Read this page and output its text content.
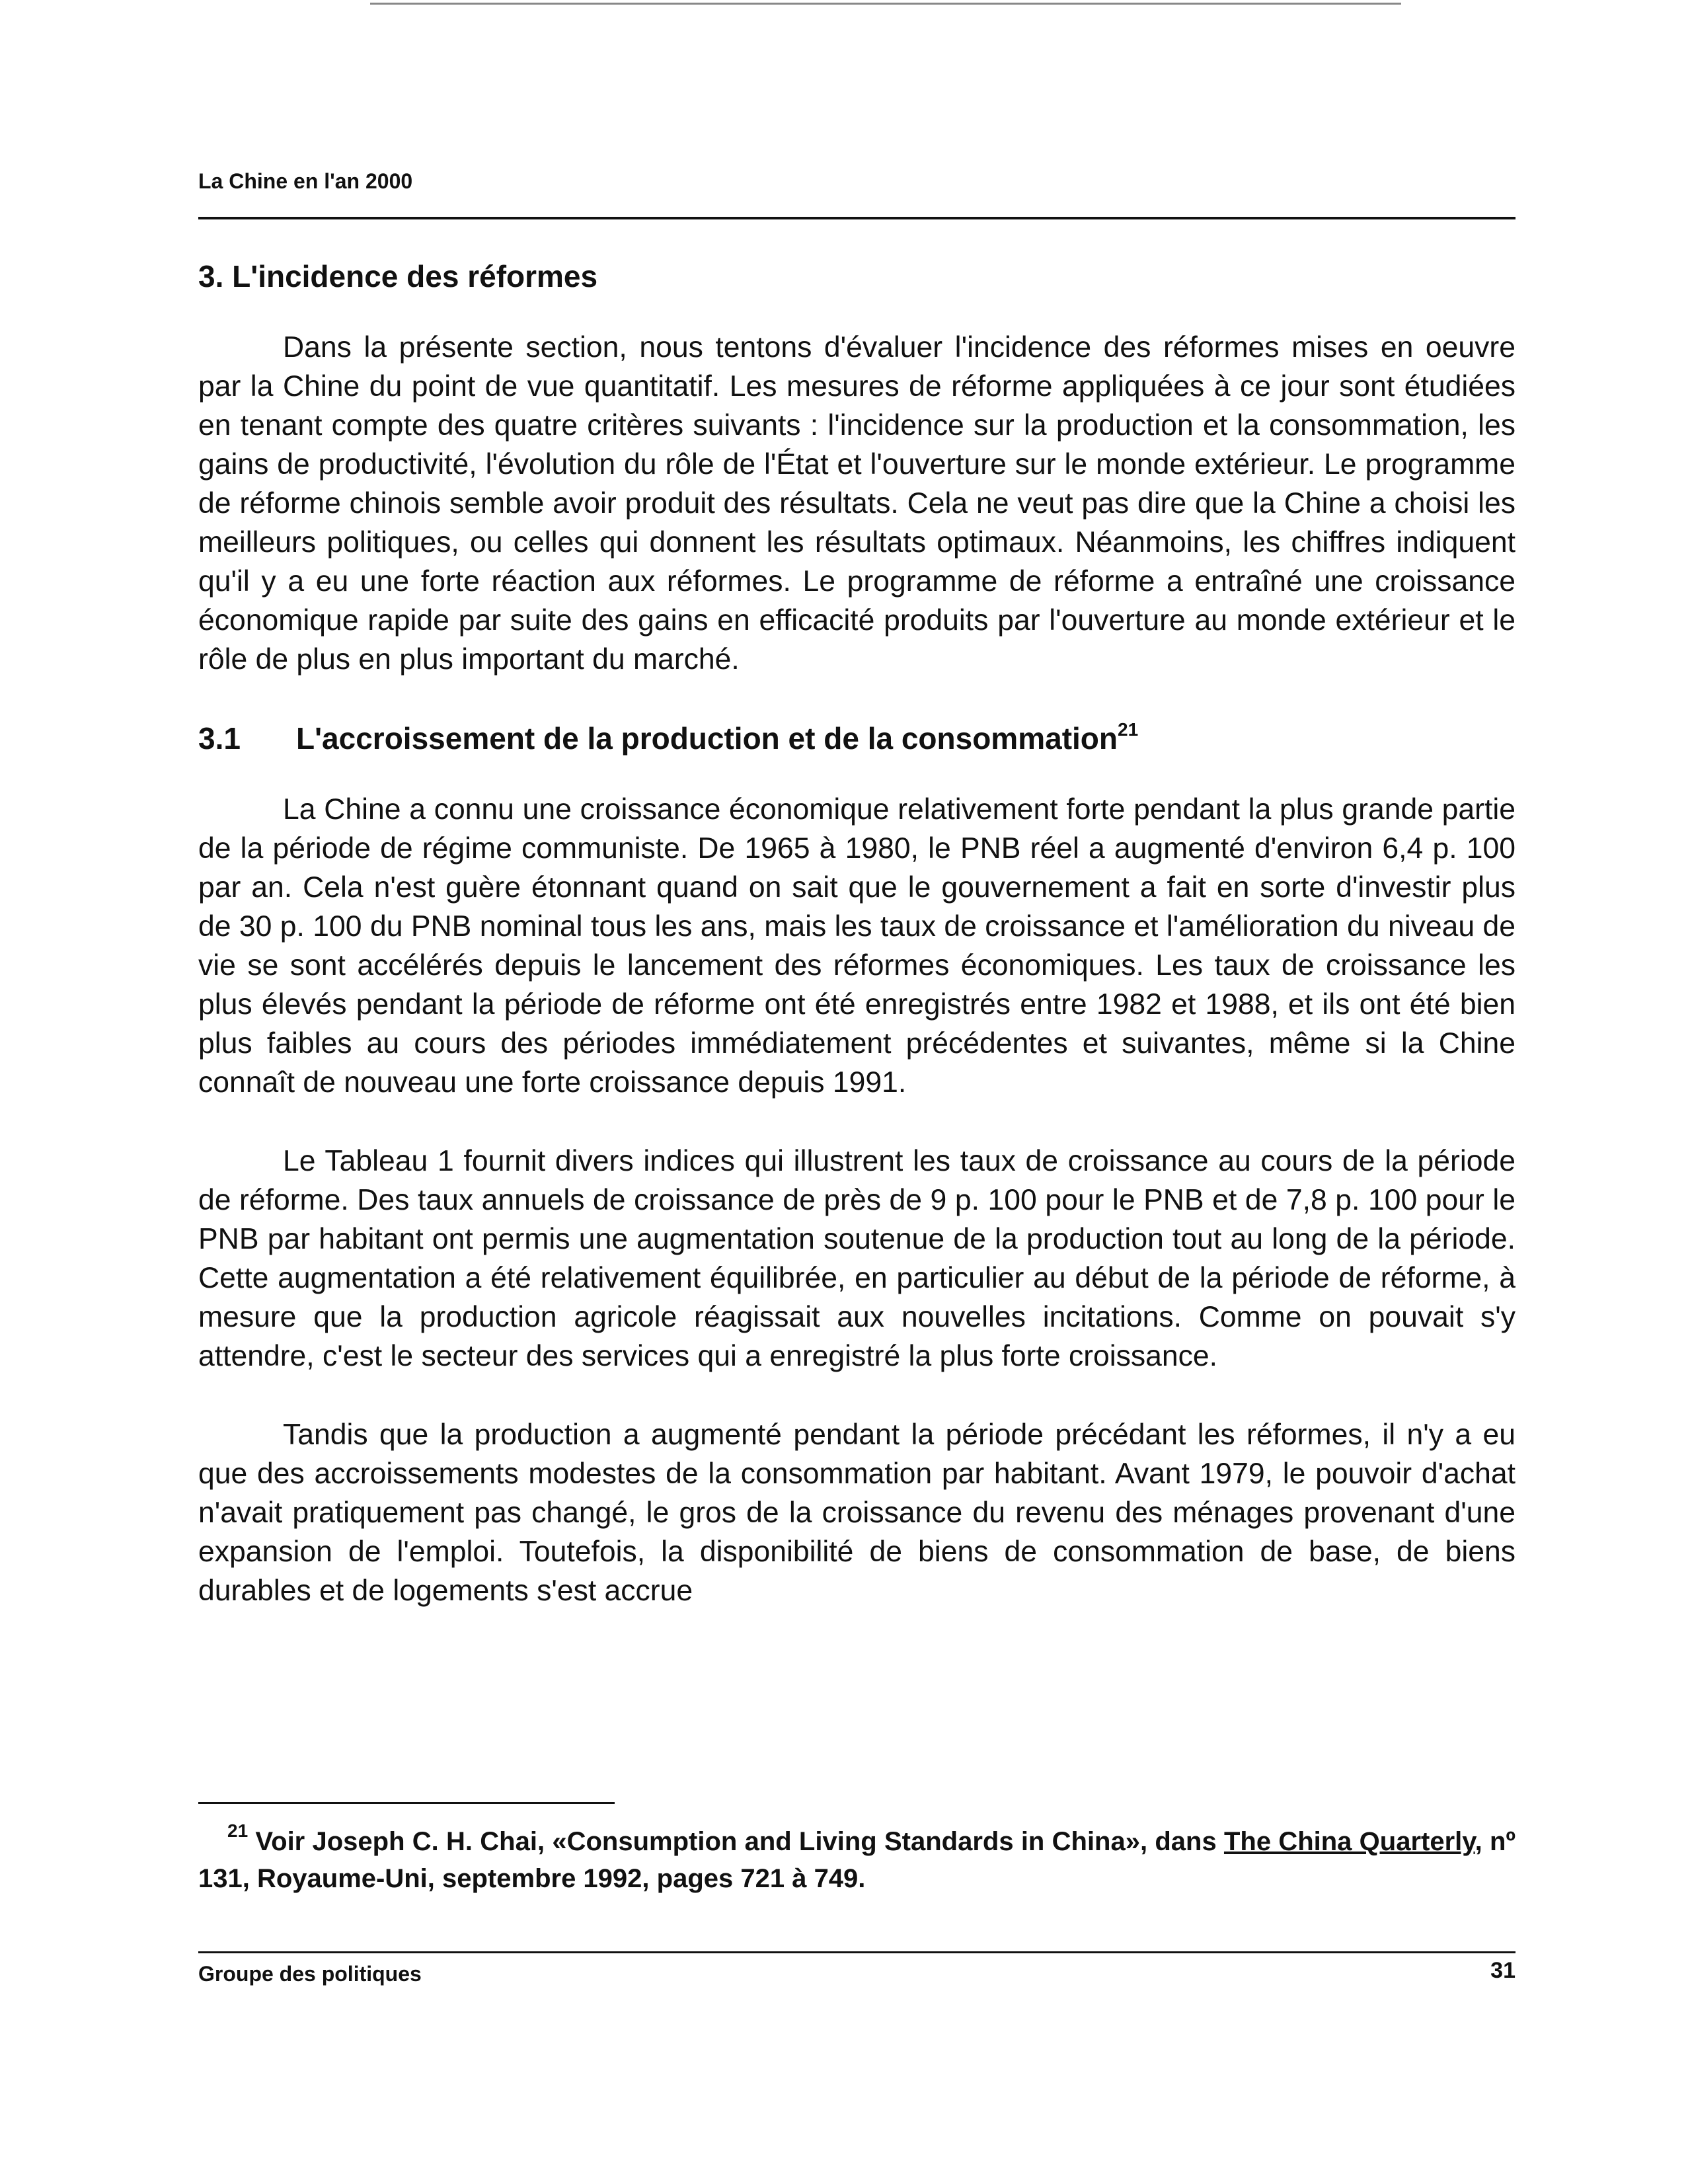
La Chine en l'an 2000
3. L'incidence des réformes

Dans la présente section, nous tentons d'évaluer l'incidence des réformes mises en oeuvre par la Chine du point de vue quantitatif. Les mesures de réforme appliquées à ce jour sont étudiées en tenant compte des quatre critères suivants : l'incidence sur la production et la consommation, les gains de productivité, l'évolution du rôle de l'État et l'ouverture sur le monde extérieur. Le programme de réforme chinois semble avoir produit des résultats. Cela ne veut pas dire que la Chine a choisi les meilleurs politiques, ou celles qui donnent les résultats optimaux. Néanmoins, les chiffres indiquent qu'il y a eu une forte réaction aux réformes. Le programme de réforme a entraîné une croissance économique rapide par suite des gains en efficacité produits par l'ouverture au monde extérieur et le rôle de plus en plus important du marché.

3.1	L'accroissement de la production et de la consommation$^{21}$

La Chine a connu une croissance économique relativement forte pendant la plus grande partie de la période de régime communiste. De 1965 à 1980, le PNB réel a augmenté d'environ 6,4 p. 100 par an. Cela n'est guère étonnant quand on sait que le gouvernement a fait en sorte d'investir plus de 30 p. 100 du PNB nominal tous les ans, mais les taux de croissance et l'amélioration du niveau de vie se sont accélérés depuis le lancement des réformes économiques. Les taux de croissance les plus élevés pendant la période de réforme ont été enregistrés entre 1982 et 1988, et ils ont été bien plus faibles au cours des périodes immédiatement précédentes et suivantes, même si la Chine connaît de nouveau une forte croissance depuis 1991.

Le Tableau 1 fournit divers indices qui illustrent les taux de croissance au cours de la période de réforme. Des taux annuels de croissance de près de 9 p. 100 pour le PNB et de 7,8 p. 100 pour le PNB par habitant ont permis une augmentation soutenue de la production tout au long de la période. Cette augmentation a été relativement équilibrée, en particulier au début de la période de réforme, à mesure que la production agricole réagissait aux nouvelles incitations. Comme on pouvait s'y attendre, c'est le secteur des services qui a enregistré la plus forte croissance.

Tandis que la production a augmenté pendant la période précédant les réformes, il n'y a eu que des accroissements modestes de la consommation par habitant. Avant 1979, le pouvoir d'achat n'avait pratiquement pas changé, le gros de la croissance du revenu des ménages provenant d'une expansion de l'emploi. Toutefois, la disponibilité de biens de consommation de base, de biens durables et de logements s'est accrue

$^{21}$ Voir Joseph C. H. Chai, «Consumption and Living Standards in China», dans The China Quarterly, nº 131, Royaume-Uni, septembre 1992, pages 721 à 749.
Groupe des politiques	31
